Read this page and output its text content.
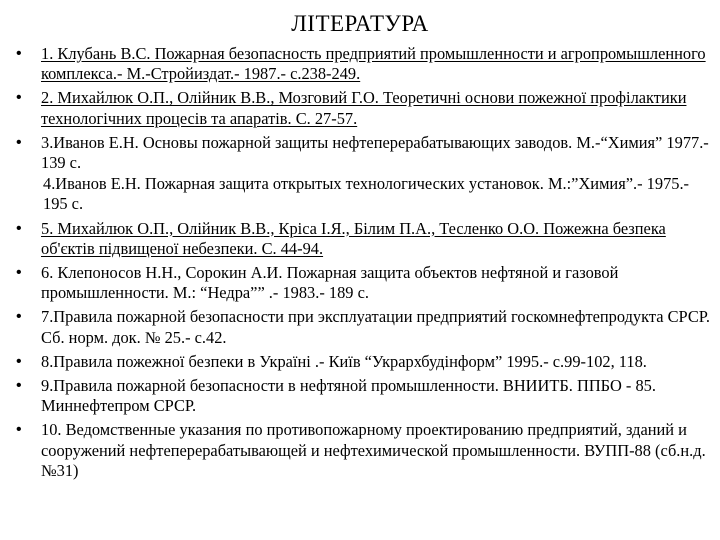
ЛІТЕРАТУРА
• 1. Клубань В.С. Пожарная безопасность предприятий промышленности и агропромышленного комплекса.- М.-Стройиздат.- 1987.- с.238-249.
• 2. Михайлюк О.П., Олійник В.В., Мозговий Г.О. Теоретичні основи пожежної профілактики технологічних процесів та апаратів. С. 27-57.
• 3.Иванов Е.Н. Основы пожарной защиты нефтеперерабатывающих заводов. М.-“Химия” 1977.- 139 с.
4.Иванов Е.Н. Пожарная защита открытых технологических установок. М.:”Химия”.- 1975.- 195 с.
• 5. Михайлюк О.П., Олійник В.В., Кріса І.Я., Білим П.А., Тесленко О.О. Пожежна безпека об'єктів підвищеної небезпеки. С. 44-94.
• 6. Клепоносов Н.Н., Сорокин А.И. Пожарная защита объектов нефтяной и газовой промышленности. М.: “Недра”” .- 1983.- 189 с.
• 7.Правила пожарной безопасности при эксплуатации предприятий госкомнефтепродукта СРСР. Сб. норм. док. № 25.- с.42.
• 8.Правила пожежної безпеки в Україні .- Київ “Укрархбудінформ” 1995.- с.99-102, 118.
• 9.Правила пожарной безопасности в нефтяной промышленности. ВНИИТБ. ППБО - 85. Миннефтепром СРСР.
• 10. Ведомственные указания по противопожарному проектированию предприятий, зданий и сооружений нефтеперерабатывающей и нефтехимической промышленности. ВУПП-88 (сб.н.д.№31)
